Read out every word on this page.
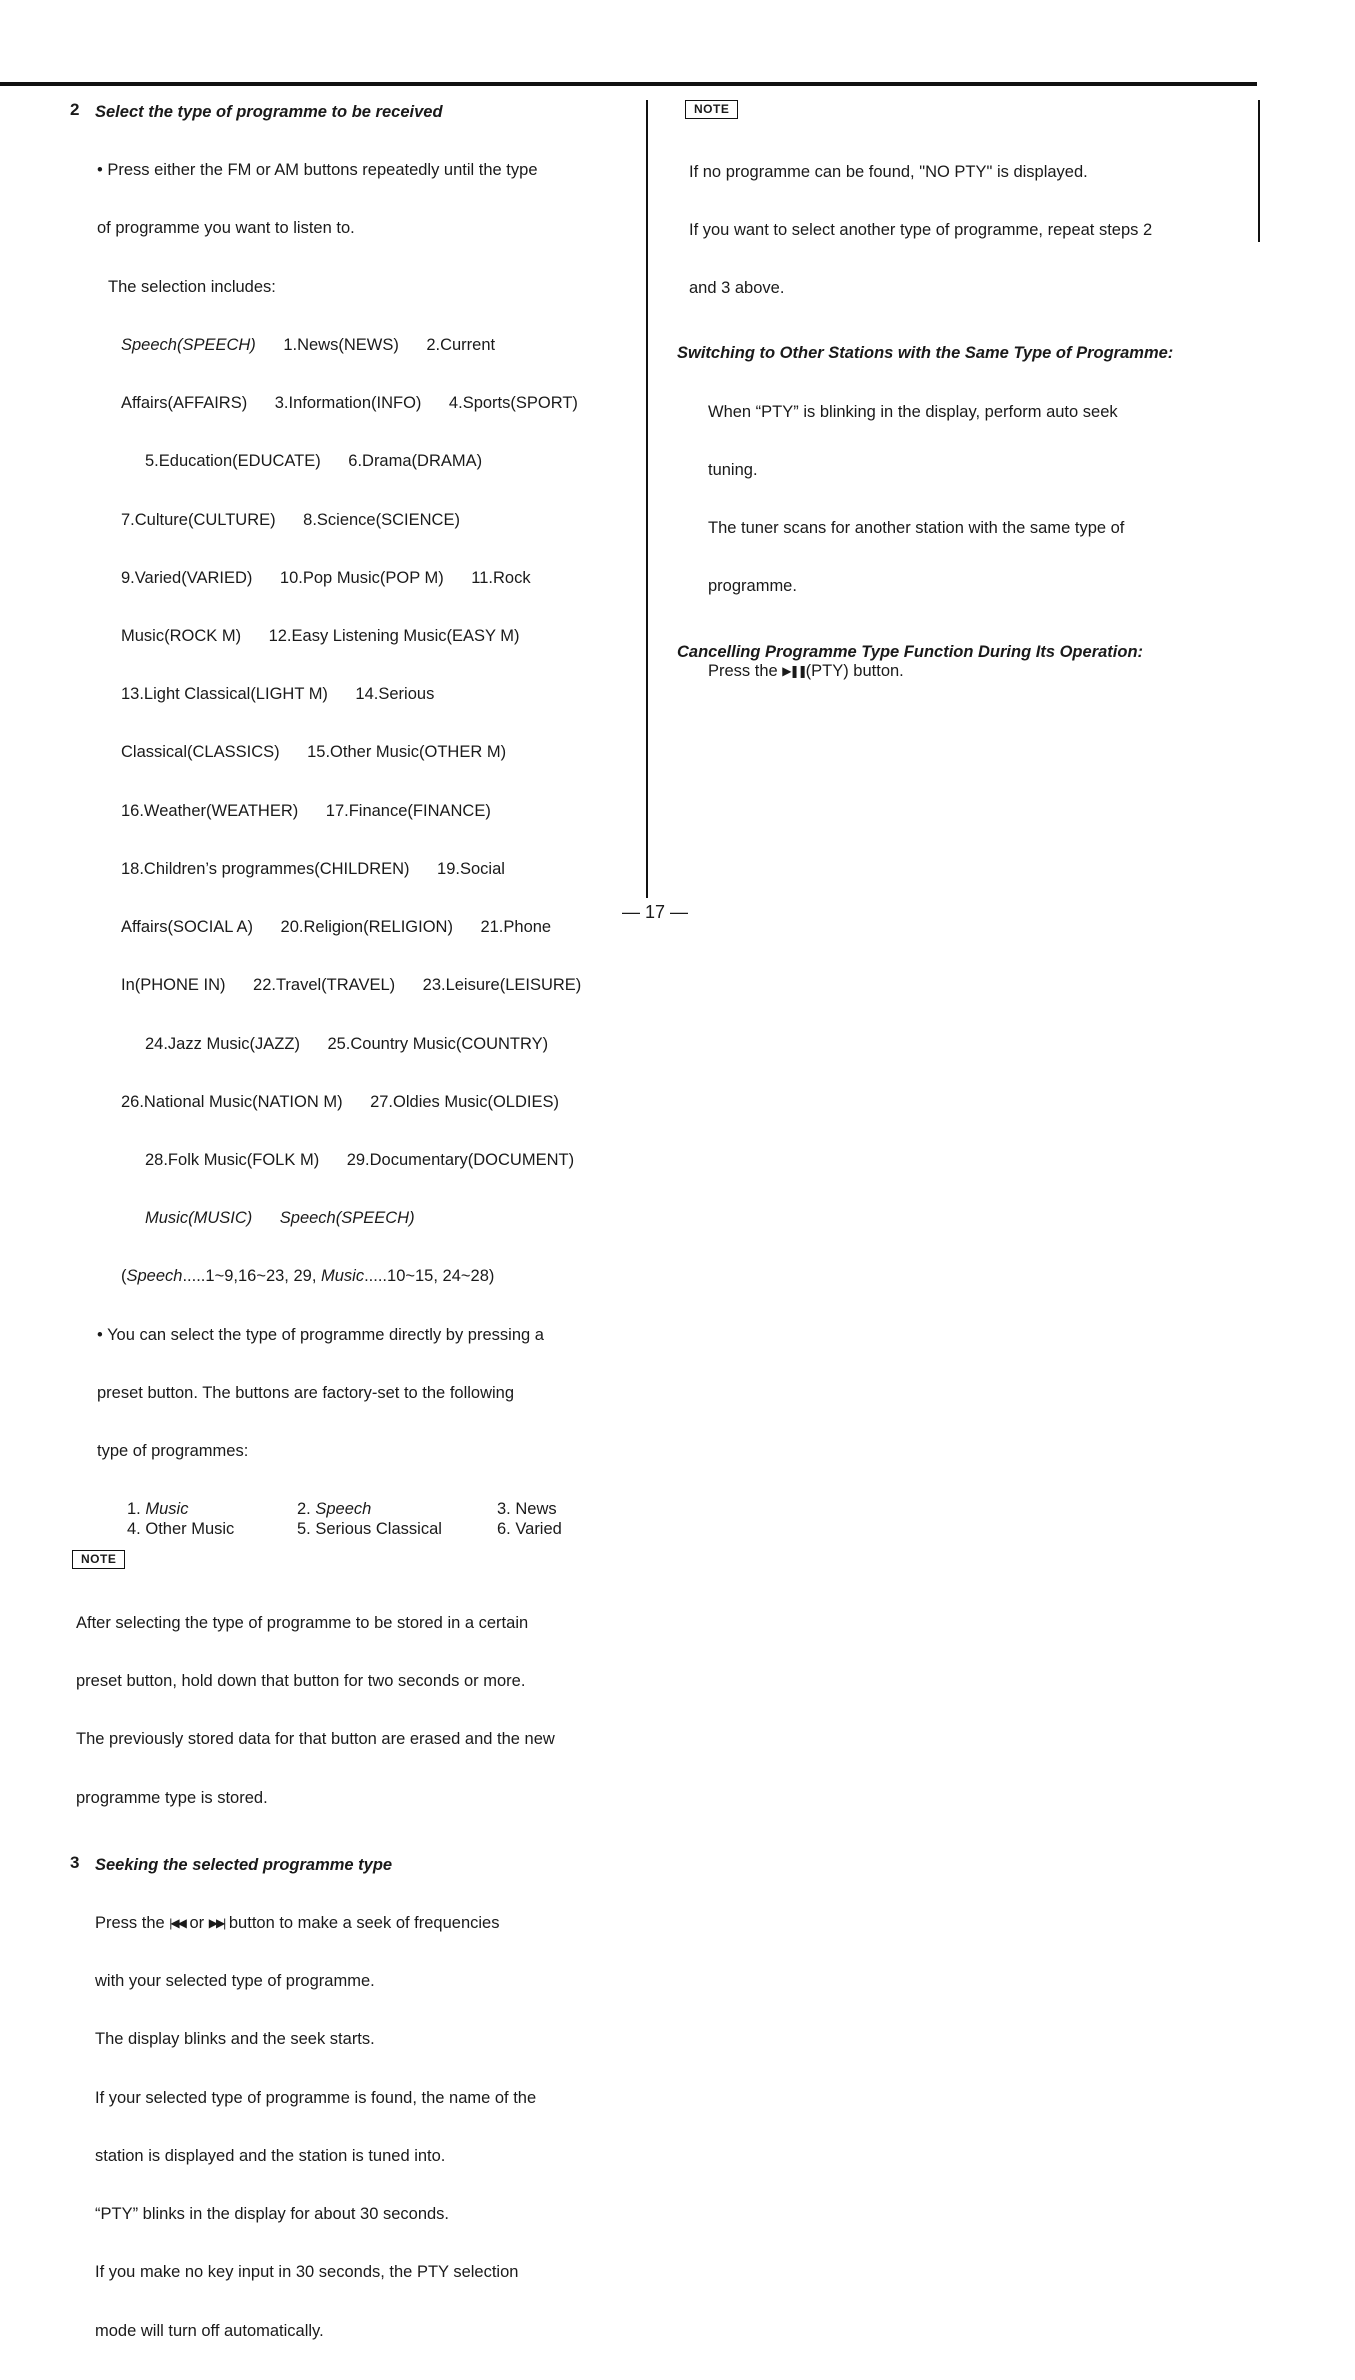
2 Select the type of programme to be received

• Press either the FM or AM buttons repeatedly until the type

of programme you want to listen to.

The selection includes:

Speech(SPEECH)      1.News(NEWS)      2.Current

Affairs(AFFAIRS)      3.Information(INFO)      4.Sports(SPORT)

5.Education(EDUCATE)      6.Drama(DRAMA)

7.Culture(CULTURE)      8.Science(SCIENCE)

9.Varied(VARIED)      10.Pop Music(POP M)      11.Rock

Music(ROCK M)      12.Easy Listening Music(EASY M)

13.Light Classical(LIGHT M)      14.Serious

Classical(CLASSICS)      15.Other Music(OTHER M)

16.Weather(WEATHER)      17.Finance(FINANCE)

18.Children’s programmes(CHILDREN)      19.Social

Affairs(SOCIAL A)      20.Religion(RELIGION)      21.Phone

In(PHONE IN)      22.Travel(TRAVEL)      23.Leisure(LEISURE)

24.Jazz Music(JAZZ)      25.Country Music(COUNTRY)

26.National Music(NATION M)      27.Oldies Music(OLDIES)

28.Folk Music(FOLK M)      29.Documentary(DOCUMENT)

Music(MUSIC) Speech(SPEECH)

(Speech.....1~9,16~23, 29, Music.....10~15, 24~28)

• You can select the type of programme directly by pressing a

preset button. The buttons are factory-set to the following

type of programmes:

1. Music	2. Speech	3. News
4. Other Music	5. Serious Classical	6. Varied
NOTE

After selecting the type of programme to be stored in a certain

preset button, hold down that button for two seconds or more.

The previously stored data for that button are erased and the new

programme type is stored.

3 Seeking the selected programme type

Press the |◀◀ or ▶▶| button to make a seek of frequencies

with your selected type of programme.

The display blinks and the seek starts.

If your selected type of programme is found, the name of the

station is displayed and the station is tuned into.

“PTY” blinks in the display for about 30 seconds.

If you make no key input in 30 seconds, the PTY selection

mode will turn off automatically.

NOTE

If no programme can be found, "NO PTY" is displayed.

If you want to select another type of programme, repeat steps 2

and 3 above.

Switching to Other Stations with the Same Type of Programme:

When “PTY” is blinking in the display, perform auto seek

tuning.

The tuner scans for another station with the same type of

programme.

Cancelling Programme Type Function During Its Operation:
Press the ▶❚❚(PTY) button.
— 17 —
